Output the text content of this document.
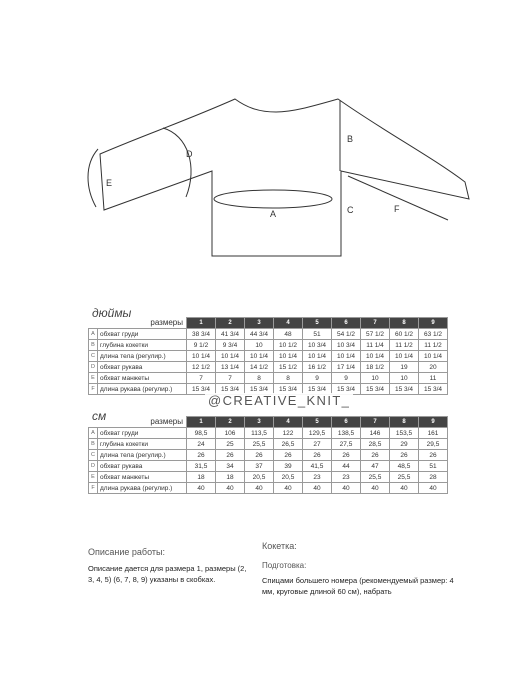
A
B
C
D
E
F
дюймы
	размеры	1	2	3	4	5	6	7	8	9
A	обхват груди	38 3/4	41 3/4	44 3/4	48	51	54 1/2	57 1/2	60 1/2	63 1/2
B	глубина кокетки	9 1/2	9 3/4	10	10 1/2	10 3/4	10 3/4	11 1/4	11 1/2	11 1/2
C	длина тела (регулир.)	10 1/4	10 1/4	10 1/4	10 1/4	10 1/4	10 1/4	10 1/4	10 1/4	10 1/4
D	обхват рукава	12 1/2	13 1/4	14 1/2	15 1/2	16 1/2	17 1/4	18 1/2	19	20
E	обхват манжеты	7	7	8	8	9	9	10	10	11
F	длина рукава (регулир.)	15 3/4	15 3/4	15 3/4	15 3/4	15 3/4	15 3/4	15 3/4	15 3/4	15 3/4
@CREATIVE_KNIT_
см
		размеры	1	2	3	4	5	6	7	8	9
A	обхват груди	98,5	106	113,5	122	129,5	138,5	146	153,5	161
B	глубина кокетки	24	25	25,5	26,5	27	27,5	28,5	29	29,5
C	длина тела (регулир.)	26	26	26	26	26	26	26	26	26
D	обхват рукава	31,5	34	37	39	41,5	44	47	48,5	51
E	обхват манжеты	18	18	20,5	20,5	23	23	25,5	25,5	28
F	длина рукава (регулир.)	40	40	40	40	40	40	40	40	40
Описание работы:
Описание дается для размера 1, размеры (2, 3, 4, 5) (6, 7, 8, 9) указаны в скобках.
Кокетка:
Подготовка:
Спицами большего номера (рекомендуемый размер: 4 мм, круговые длиной 60 см), набрать
